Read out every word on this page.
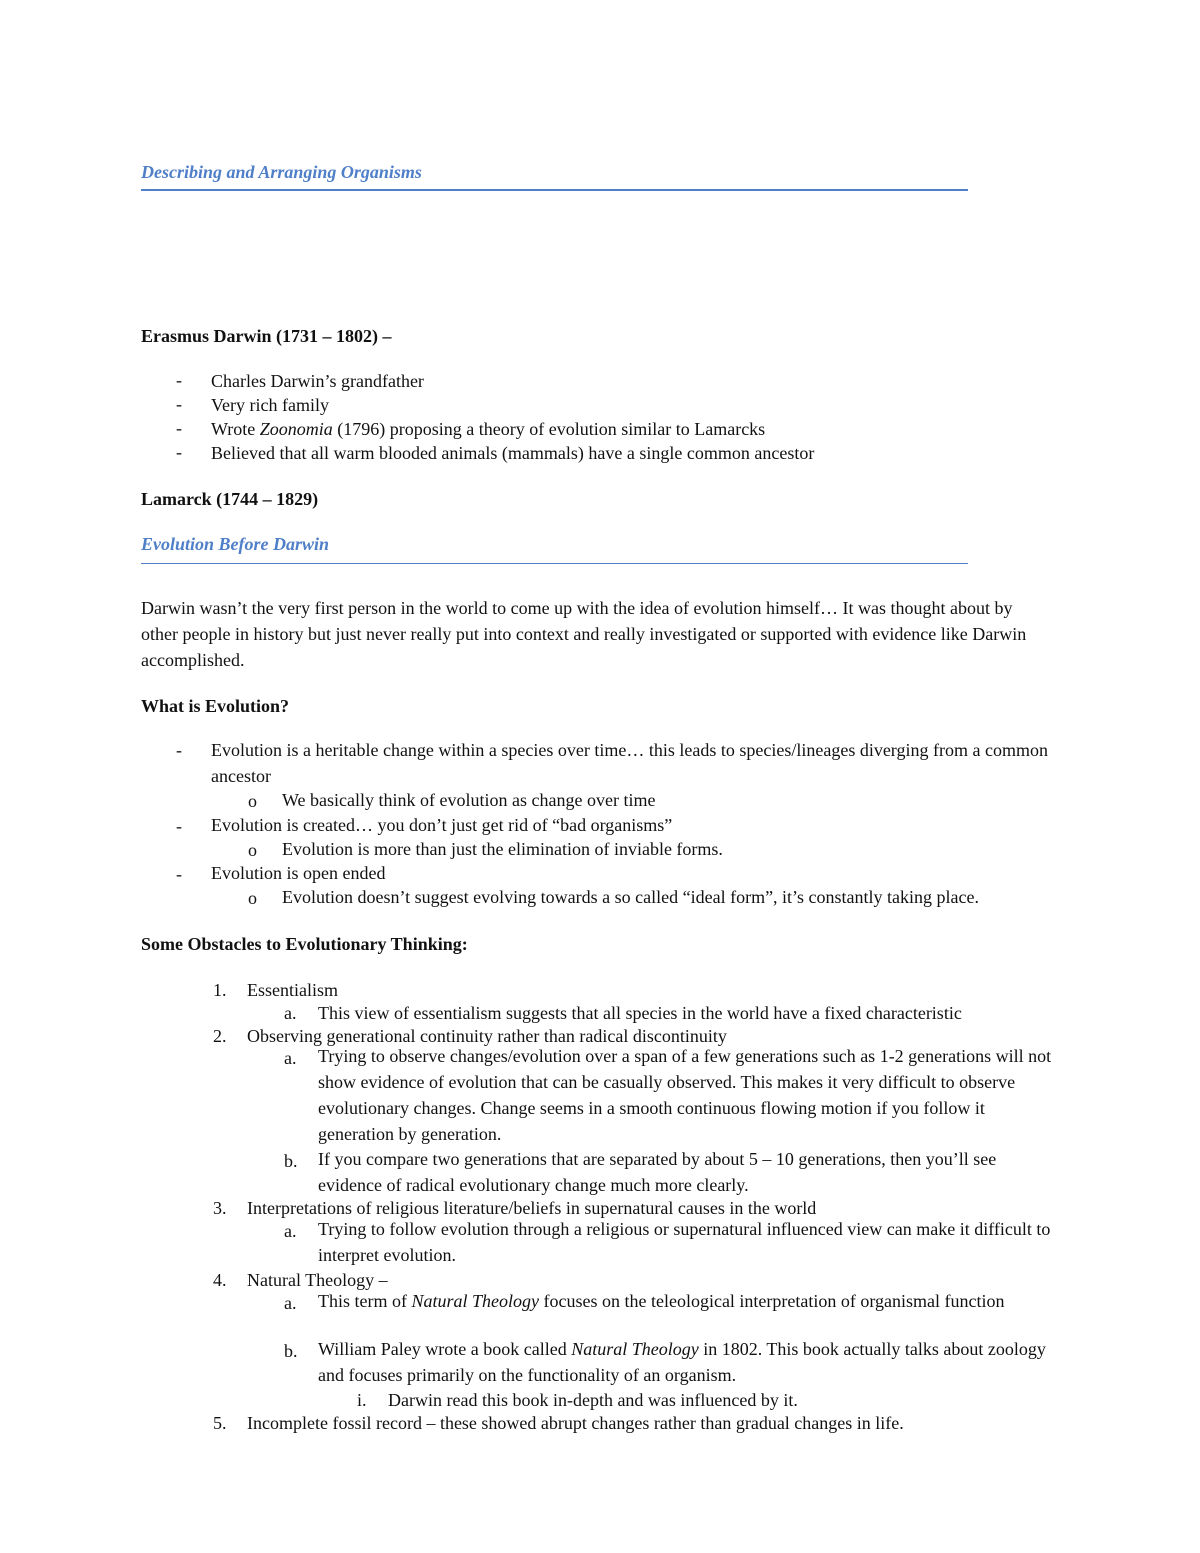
Describing and Arranging Organisms
Erasmus Darwin (1731 – 1802) –
- Charles Darwin’s grandfather
- Very rich family
- Wrote Zoonomia (1796) proposing a theory of evolution similar to Lamarcks
- Believed that all warm blooded animals (mammals) have a single common ancestor
Lamarck (1744 – 1829)
Evolution Before Darwin
Darwin wasn’t the very first person in the world to come up with the idea of evolution himself… It was thought about by other people in history but just never really put into context and really investigated or supported with evidence like Darwin accomplished.
What is Evolution?
- Evolution is a heritable change within a species over time… this leads to species/lineages diverging from a common ancestor
o We basically think of evolution as change over time
- Evolution is created… you don’t just get rid of “bad organisms”
o Evolution is more than just the elimination of inviable forms.
- Evolution is open ended
o Evolution doesn’t suggest evolving towards a so called “ideal form”, it’s constantly taking place.
Some Obstacles to Evolutionary Thinking:
1. Essentialism
a. This view of essentialism suggests that all species in the world have a fixed characteristic
2. Observing generational continuity rather than radical discontinuity
a. Trying to observe changes/evolution over a span of a few generations such as 1-2 generations will not show evidence of evolution that can be casually observed. This makes it very difficult to observe evolutionary changes. Change seems in a smooth continuous flowing motion if you follow it generation by generation.
b. If you compare two generations that are separated by about 5 – 10 generations, then you’ll see evidence of radical evolutionary change much more clearly.
3. Interpretations of religious literature/beliefs in supernatural causes in the world
a. Trying to follow evolution through a religious or supernatural influenced view can make it difficult to interpret evolution.
4. Natural Theology –
a. This term of Natural Theology focuses on the teleological interpretation of organismal function
b. William Paley wrote a book called Natural Theology in 1802. This book actually talks about zoology and focuses primarily on the functionality of an organism.
i. Darwin read this book in-depth and was influenced by it.
5. Incomplete fossil record – these showed abrupt changes rather than gradual changes in life.
